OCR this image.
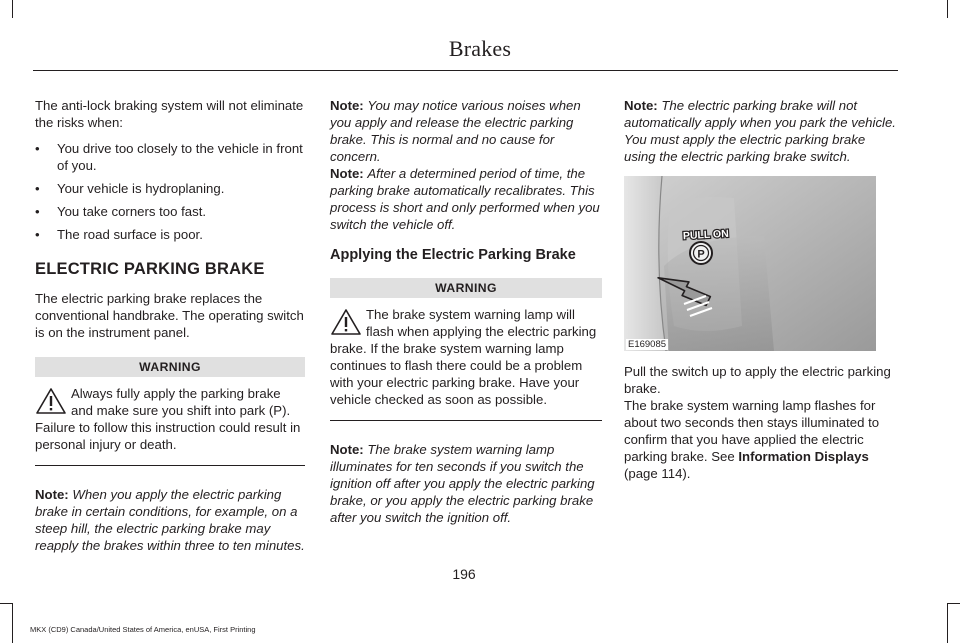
Brakes

The anti-lock braking system will not eliminate the risks when:

• You drive too closely to the vehicle in front of you.
• Your vehicle is hydroplaning.
• You take corners too fast.
• The road surface is poor.
ELECTRIC PARKING BRAKE

The electric parking brake replaces the conventional handbrake. The operating switch is on the instrument panel.

WARNING
Always fully apply the parking brake and make sure you shift into park (P). Failure to follow this instruction could result in personal injury or death.

Note: When you apply the electric parking brake in certain conditions, for example, on a steep hill, the electric parking brake may reapply the brakes within three to ten minutes.

Note: You may notice various noises when you apply and release the electric parking brake. This is normal and no cause for concern.

Note: After a determined period of time, the parking brake automatically recalibrates. This process is short and only performed when you switch the vehicle off.

Applying the Electric Parking Brake
WARNING
The brake system warning lamp will flash when applying the electric parking brake. If the brake system warning lamp continues to flash there could be a problem with your electric parking brake. Have your vehicle checked as soon as possible.

Note: The brake system warning lamp illuminates for ten seconds if you switch the ignition off after you apply the electric parking brake, or you apply the electric parking brake after you switch the ignition off.

Note: The electric parking brake will not automatically apply when you park the vehicle. You must apply the electric parking brake using the electric parking brake switch.

P
PULL ON
E169085

Pull the switch up to apply the electric parking brake.

The brake system warning lamp flashes for about two seconds then stays illuminated to confirm that you have applied the electric parking brake. See Information Displays (page 114).

196
MKX (CD9) Canada/United States of America, enUSA, First Printing
